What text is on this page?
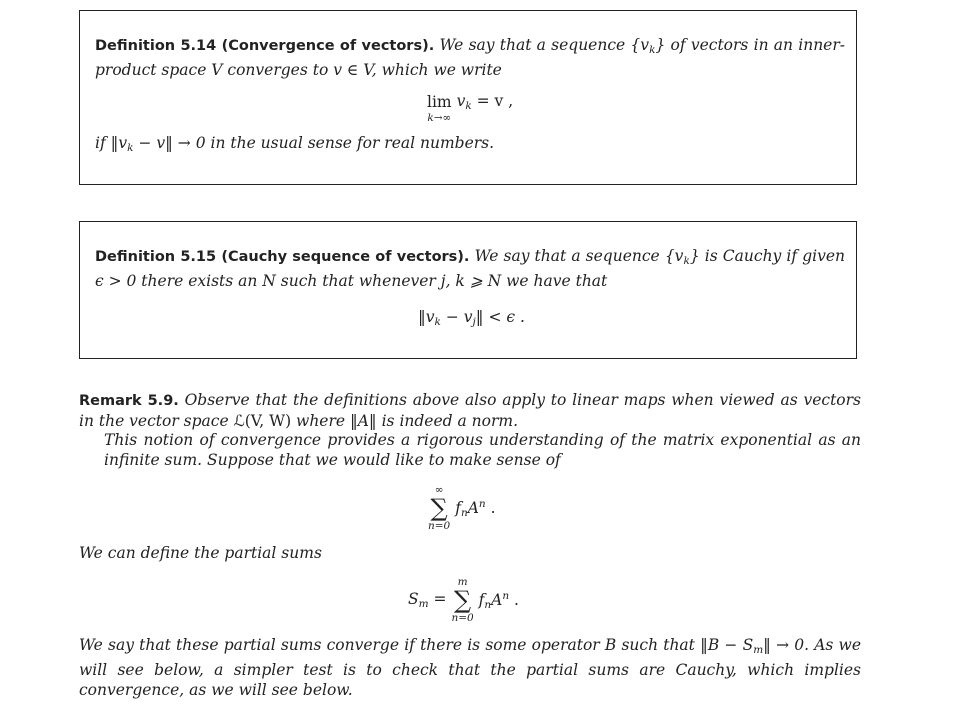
Definition 5.14 (Convergence of vectors). We say that a sequence $\{v_k\}$ of vectors in an inner-product space V converges to v ∈ V, which we write
lim
k→∞
$v_k = v$ ,
if $‖v_k$ − v‖ → 0 in the usual sense for real numbers.
Definition 5.15 (Cauchy sequence of vectors). We say that a sequence $\{v_k\}$ is Cauchy if given ϵ > 0 there exists an N such that whenever j, k ⩾ N we have that
$‖v_k$ − $v_j‖ < \epsilon$ .
Remark 5.9. Observe that the definitions above also apply to linear maps when viewed as vectors in the vector space ℒ(V, W) where ‖A‖ is indeed a norm.
This notion of convergence provides a rigorous understanding of the matrix exponential as an infinite sum. Suppose that we would like to make sense of
∞
∑
n=0
$f_nA^n$ .
We can define the partial sums
$S_m$ =
m
∑
n=0
$f_nA^n$ .
We say that these partial sums converge if there is some operator B such that ‖B − $S_m‖ \to 0$. As we will see below, a simpler test is to check that the partial sums are Cauchy, which implies convergence, as we will see below.
